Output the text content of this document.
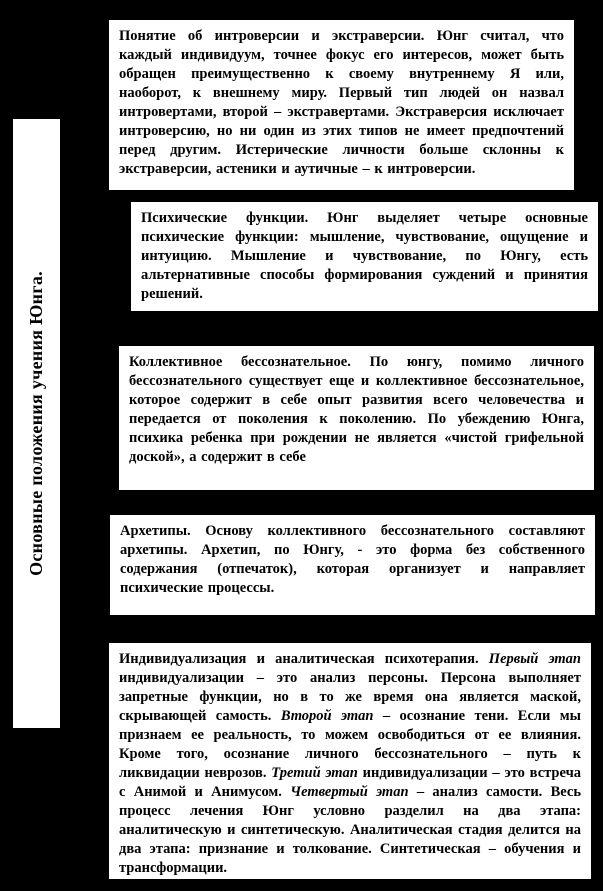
Основные положения учения Юнга.

Понятие об интроверсии и экстраверсии. Юнг считал, что каждый индивидуум, точнее фокус его интересов, может быть обращен преимущественно к своему внутреннему Я или, наоборот, к внешнему миру. Первый тип людей он назвал интровертами, второй – экстравертами. Экстраверсия исключает интроверсию, но ни один из этих типов не имеет предпочтений перед другим. Истерические личности больше склонны к экстраверсии, астеники и аутичные – к интроверсии.

Психические функции. Юнг выделяет четыре основные психические функции: мышление, чувствование, ощущение и интуицию. Мышление и чувствование, по Юнгу, есть альтернативные способы формирования суждений и принятия решений.

Коллективное бессознательное. По юнгу, помимо личного бессознательного существует еще и коллективное бессознательное, которое содержит в себе опыт развития всего человечества и передается от поколения к поколению. По убеждению Юнга, психика ребенка при рождении не является «чистой грифельной доской», а содержит в себе

Архетипы. Основу коллективного бессознательного составляют архетипы. Архетип, по Юнгу, - это форма без собственного содержания (отпечаток), которая организует и направляет психические процессы.

Индивидуализация и аналитическая психотерапия. Первый этап индивидуализации – это анализ персоны. Персона выполняет запретные функции, но в то же время она является маской, скрывающей самость. Второй этап – осознание тени. Если мы признаем ее реальность, то можем освободиться от ее влияния. Кроме того, осознание личного бессознательного – путь к ликвидации неврозов. Третий этап индивидуализации – это встреча с Анимой и Анимусом. Четвертый этап – анализ самости. Весь процесс лечения Юнг условно разделил на два этапа: аналитическую и синтетическую. Аналитическая стадия делится на два этапа: признание и толкование. Синтетическая – обучения и трансформации.
